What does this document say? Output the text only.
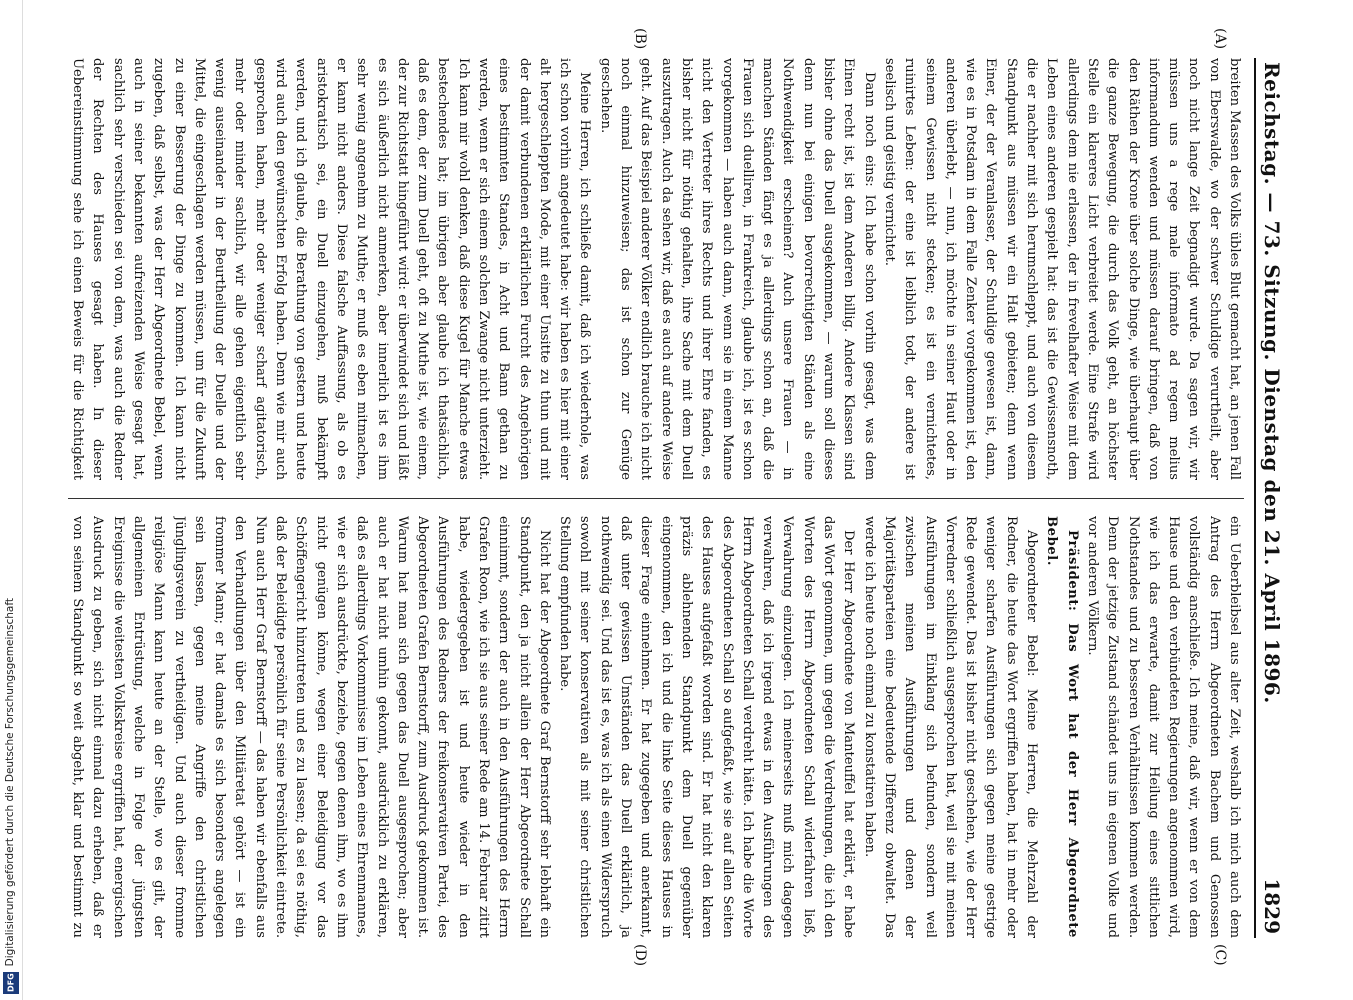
Digitalisierung gefördert durch die Deutsche Forschungsgemeinschaft
DFG
Reichstag. — 73. Sitzung. Dienstag den 21. April 1896.
1829
(A)
(B)
(C)
(D)

breiten Massen des Volks übles Blut gemacht hat, an jenen Fall von Eberswalde, wo der schwer Schuldige verurtheilt, aber noch nicht lange Zeit begnadigt wurde. Da sagen wir, wir müssen uns a rege male informato ad regem melius informandum wenden und müssen darauf bringen, daß von den Räthen der Krone über solche Dinge, wie überhaupt über die ganze Bewegung, die durch das Volk geht, an höchster Stelle ein klareres Licht verbreitet werde. Eine Strafe wird allerdings dem nie erlassen, der in frevelhafter Weise mit dem Leben eines anderen gespielt hat: das ist die Gewissensnoth, die er nachher mit sich herumschleppt, und auch von diesem Standpunkt aus müssen wir ein Halt gebieten; denn wenn Einer, der der Veranlasser, der Schuldige gewesen ist, dann, wie es in Potsdam in dem Falle Zenker vorgekommen ist, den anderen überlebt, — nun, ich möchte in seiner Haut oder in seinem Gewissen nicht stecken; es ist ein vernichtetes, ruinirtes Leben: der eine ist leiblich todt, der andere ist seelisch und geistig vernichtet.

Dann noch eins: Ich habe schon vorhin gesagt, was dem Einen recht ist, ist dem Anderen billig. Andere Klassen sind bisher ohne das Duell ausgekommen, — warum soll dieses denn nun bei einigen bevorrechtigten Ständen als eine Nothwendigkeit erscheinen? Auch unsere Frauen — in manchen Ständen fängt es ja allerdings schon an, daß die Frauen sich duelliren, in Frankreich, glaube ich, ist es schon vorgekommen — haben auch dann, wenn sie in einem Manne nicht den Vertreter ihres Rechts und ihrer Ehre fanden, es bisher nicht für nöthig gehalten, ihre Sache mit dem Duell auszutragen. Auch da sehen wir, daß es auch auf andere Weise geht. Auf das Beispiel anderer Völker endlich brauche ich nicht noch einmal hinzuweisen; das ist schon zur Genüge geschehen.

Meine Herren, ich schließe damit, daß ich wiederhole, was ich schon vorhin angedeutet habe: wir haben es hier mit einer alt hergeschleppten Mode, mit einer Unsitte zu thun und mit der damit verbundenen erklärlichen Furcht des Angehörigen eines bestimmten Standes, in Acht und Bann gethan zu werden, wenn er sich einem solchen Zwange nicht unterzieht. Ich kann mir wohl denken, daß diese Kugel für Manche etwas bestechendes hat; im übrigen aber glaube ich thatsächlich, daß es dem, der zum Duell geht, oft zu Muthe ist, wie einem, der zur Richtstatt hingeführt wird: er überwindet sich und läßt es sich äußerlich nicht anmerken, aber innerlich ist es ihm sehr wenig angenehm zu Muthe; er muß es eben mitmachen, er kann nicht anders. Diese falsche Auffassung, als ob es aristokratisch sei, ein Duell einzugehen, muß bekämpft werden, und ich glaube, die Berathung von gestern und heute wird auch den gewünschten Erfolg haben. Denn wie mir auch gesprochen haben, mehr oder weniger scharf agitatorisch, mehr oder minder sachlich, wir alle gehen eigentlich sehr wenig auseinander in der Beurtheilung der Duelle und der Mittel, die eingeschlagen werden müssen, um für die Zukunft zu einer Besserung der Dinge zu kommen. Ich kann nicht zugeben, daß selbst, was der Herr Abgeordnete Bebel, wenn auch in seiner bekannten aufreizenden Weise gesagt hat, sachlich sehr verschieden sei von dem, was auch die Redner der Rechten des Hauses gesagt haben. In dieser Uebereinstimmung sehe ich einen Beweis für die Richtigkeit

ein Ueberbleibsel aus alter Zeit, weshalb ich mich auch dem Antrag des Herrn Abgeordneten Bachem und Genossen vollständig anschließe. Ich meine, daß wir, wenn er von dem Hause und den verbündeten Regierungen angenommen wird, wie ich das erwarte, damit zur Heilung eines sittlichen Nothstandes und zu besseren Verhältnissen kommen werden. Denn der jetzige Zustand schändet uns im eigenen Volke und vor anderen Völkern.

Präsident: Das Wort hat der Herr Abgeordnete Bebel.

Abgeordneter Bebel: Meine Herren, die Mehrzahl der Redner, die heute das Wort ergriffen haben, hat in mehr oder weniger scharfen Ausführungen sich gegen meine gestrige Rede gewendet. Das ist bisher nicht geschehen, wie der Herr Vorredner schließlich ausgesprochen hat, weil sie mit meinen Ausführungen im Einklang sich befunden, sondern weil zwischen meinen Ausführungen und denen der Majoritätsparteien eine bedeutende Differenz obwaltet. Das werde ich heute noch einmal zu konstatiren haben.

Der Herr Abgeordnete von Manteuffel hat erklärt, er habe das Wort genommen, um gegen die Verdrehungen, die ich den Worten des Herrn Abgeordneten Schall widerfahren ließ, Verwahrung einzulegen. Ich meinerseits muß mich dagegen verwahren, daß ich irgend etwas in den Ausführungen des Herrn Abgeordneten Schall verdreht hätte. Ich habe die Worte des Abgeordneten Schall so aufgefaßt, wie sie auf allen Seiten des Hauses aufgefaßt worden sind. Er hat nicht den klaren präzis ablehnenden Standpunkt dem Duell gegenüber eingenommen, den ich und die linke Seite dieses Hauses in dieser Frage einnehmen. Er hat zugegeben und anerkannt, daß unter gewissen Umständen das Duell erklärlich, ja nothwendig sei. Und das ist es, was ich als einen Widerspruch sowohl mit seiner konservativen als mit seiner christlichen Stellung empfunden habe.

Nicht hat der Abgeordnete Graf Bernstorff sehr lebhaft ein Standpunkt, den ja nicht allein der Herr Abgeordnete Schall einnimmt, sondern der auch in den Ausführungen des Herrn Grafen Roon, wie ich sie aus seiner Rede am 14. Februar zitirt habe, wiedergegeben ist und heute wieder in den Ausführungen des Redners der freikonservativen Partei, des Abgeordneten Grafen Bernstorff, zum Ausdruck gekommen ist. Warum hat man sich gegen das Duell ausgesprochen; aber auch er hat nicht umhin gekonnt, ausdrücklich zu erklären, daß es allerdings Vorkommnisse im Leben eines Ehrenmannes, wie er sich ausdrückte, beziehe, gegen denen ihm, wo es ihm nicht genügen könne, wegen einer Beleidigung vor das Schöffengericht hinzutreten und es zu lassen; da sei es nöthig, daß der Beleidigte persönlich für seine Persönlichkeit eintrete. Nun auch Herr Graf Bernstorff — das haben wir ebenfalls aus den Verhandlungen über den Militäretat gehört — ist ein frommer Mann; er hat damals es sich besonders angelegen sein lassen, gegen meine Angriffe den christlichen Jünglingsverein zu vertheidigen. Und auch dieser fromme religiöse Mann kann heute an der Stelle, wo es gilt, der allgemeinen Entrüstung, welche in Folge der jüngsten Ereignisse die weitesten Volkskreise ergriffen hat, energischen Ausdruck zu geben, sich nicht einmal dazu erheben, daß er von seinem Standpunkt so weit abgeht, klar und bestimmt zu
